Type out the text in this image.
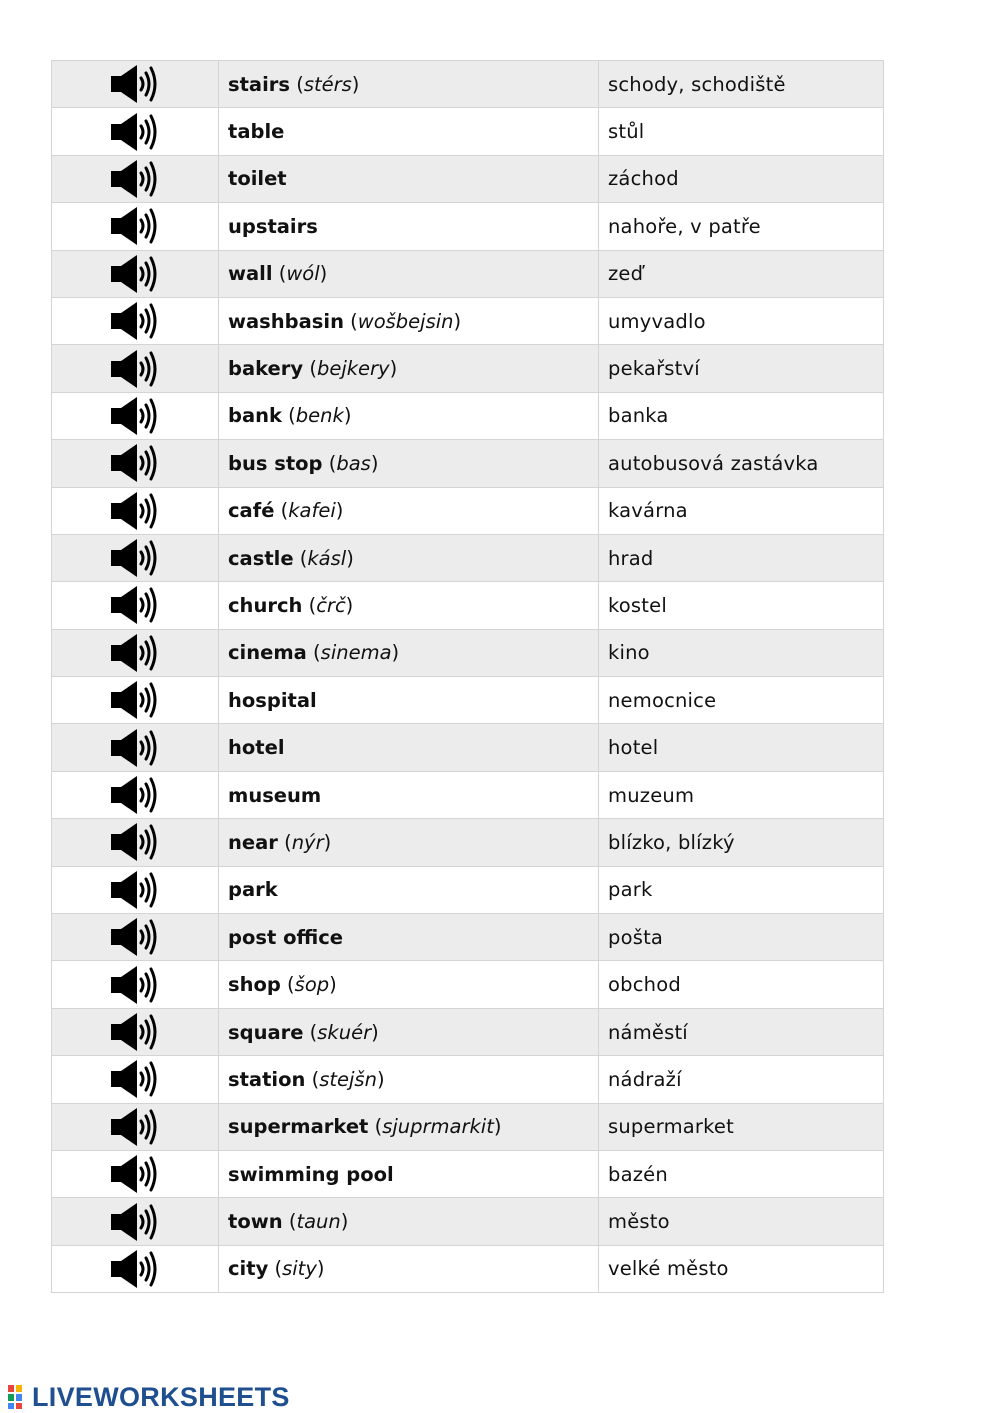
	stairs (stérs)	schody, schodiště

	table	stůl

	toilet	záchod

	upstairs	nahoře, v patře

	wall (wól)	zeď

	washbasin (wošbejsin)	umyvadlo

	bakery (bejkery)	pekařství

	bank (benk)	banka

	bus stop (bas)	autobusová zastávka

	café (kafei)	kavárna

	castle (kásl)	hrad

	church (črč)	kostel

	cinema (sinema)	kino

	hospital	nemocnice

	hotel	hotel

	museum	muzeum

	near (nýr)	blízko, blízký

	park	park

	post office	pošta

	shop (šop)	obchod

	square (skuér)	náměstí

	station (stejšn)	nádraží

	supermarket (sjuprmarkit)	supermarket

	swimming pool	bazén

	town (taun)	město

	city (sity)	velké město
LIVEWORKSHEETS
